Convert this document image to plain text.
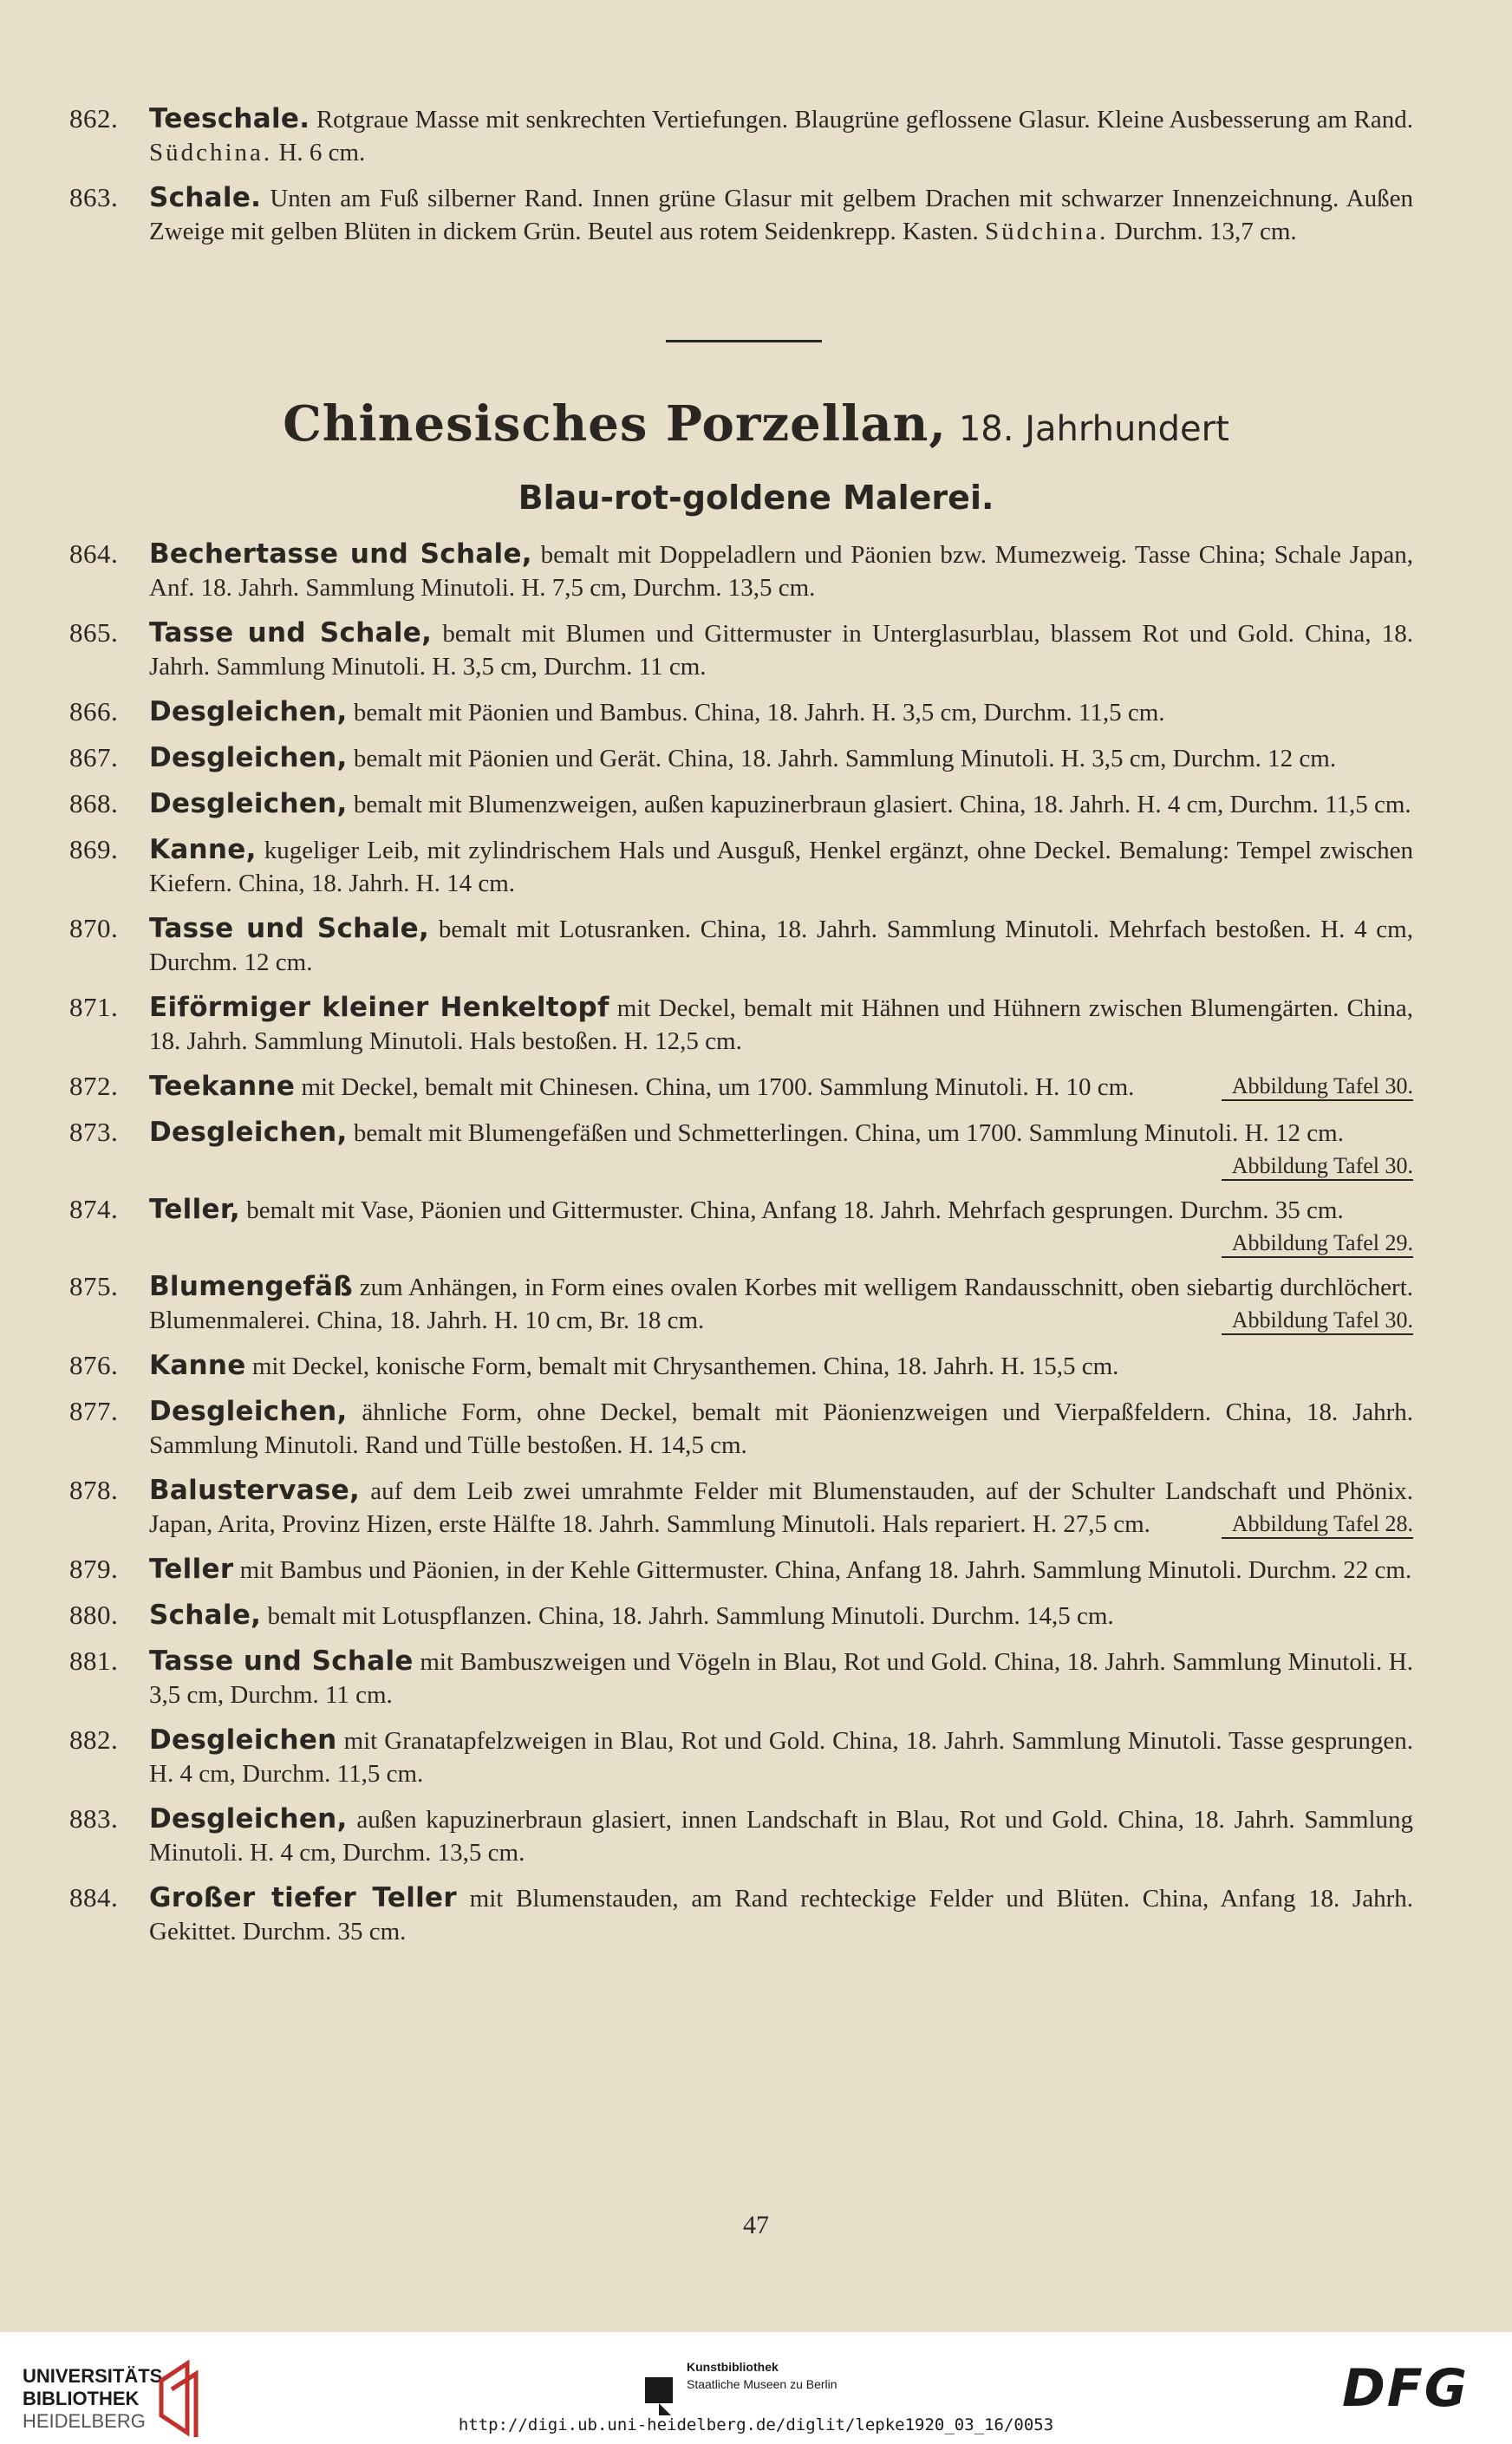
862.	Teeschale. Rotgraue Masse mit senkrechten Vertiefungen. Blaugrüne geflossene Glasur. Kleine Ausbesserung am Rand. Südchina. H. 6 cm.
863.	Schale. Unten am Fuß silberner Rand. Innen grüne Glasur mit gelbem Drachen mit schwarzer Innenzeichnung. Außen Zweige mit gelben Blüten in dickem Grün. Beutel aus rotem Seidenkrepp. Kasten. Südchina. Durchm. 13,7 cm.
Chinesisches Porzellan, 18. Jahrhundert
Blau-rot-goldene Malerei.
864.	Bechertasse und Schale, bemalt mit Doppeladlern und Päonien bzw. Mumezweig. Tasse China; Schale Japan, Anf. 18. Jahrh. Sammlung Minutoli. H. 7,5 cm, Durchm. 13,5 cm.
865.	Tasse und Schale, bemalt mit Blumen und Gittermuster in Unterglasurblau, blassem Rot und Gold. China, 18. Jahrh. Sammlung Minutoli. H. 3,5 cm, Durchm. 11 cm.
866.	Desgleichen, bemalt mit Päonien und Bambus. China, 18. Jahrh. H. 3,5 cm, Durchm. 11,5 cm.
867.	Desgleichen, bemalt mit Päonien und Gerät. China, 18. Jahrh. Sammlung Minutoli. H. 3,5 cm, Durchm. 12 cm.
868.	Desgleichen, bemalt mit Blumenzweigen, außen kapuzinerbraun glasiert. China, 18. Jahrh. H. 4 cm, Durchm. 11,5 cm.
869.	Kanne, kugeliger Leib, mit zylindrischem Hals und Ausguß, Henkel ergänzt, ohne Deckel. Bemalung: Tempel zwischen Kiefern. China, 18. Jahrh. H. 14 cm.
870.	Tasse und Schale, bemalt mit Lotusranken. China, 18. Jahrh. Sammlung Minutoli. Mehrfach bestoßen. H. 4 cm, Durchm. 12 cm.
871.	Eiförmiger kleiner Henkeltopf mit Deckel, bemalt mit Hähnen und Hühnern zwischen Blumengärten. China, 18. Jahrh. Sammlung Minutoli. Hals bestoßen. H. 12,5 cm.
872.	Teekanne mit Deckel, bemalt mit Chinesen. China, um 1700. Sammlung Minutoli. H. 10 cm.	Abbildung Tafel 30.
873.	Desgleichen, bemalt mit Blumengefäßen und Schmetterlingen. China, um 1700. Sammlung Minutoli. H. 12 cm.
Abbildung Tafel 30.
874.	Teller, bemalt mit Vase, Päonien und Gittermuster. China, Anfang 18. Jahrh. Mehrfach gesprungen. Durchm. 35 cm.
Abbildung Tafel 29.
875.	Blumengefäß zum Anhängen, in Form eines ovalen Korbes mit welligem Randausschnitt, oben siebartig durchlöchert. Blumenmalerei. China, 18. Jahrh. H. 10 cm, Br. 18 cm.	Abbildung Tafel 30.
876.	Kanne mit Deckel, konische Form, bemalt mit Chrysanthemen. China, 18. Jahrh. H. 15,5 cm.
877.	Desgleichen, ähnliche Form, ohne Deckel, bemalt mit Päonienzweigen und Vierpaßfeldern. China, 18. Jahrh. Sammlung Minutoli. Rand und Tülle bestoßen. H. 14,5 cm.
878.	Balustervase, auf dem Leib zwei umrahmte Felder mit Blumenstauden, auf der Schulter Landschaft und Phönix. Japan, Arita, Provinz Hizen, erste Hälfte 18. Jahrh. Sammlung Minutoli. Hals repariert. H. 27,5 cm.	Abbildung Tafel 28.
879.	Teller mit Bambus und Päonien, in der Kehle Gittermuster. China, Anfang 18. Jahrh. Sammlung Minutoli. Durchm. 22 cm.
880.	Schale, bemalt mit Lotuspflanzen. China, 18. Jahrh. Sammlung Minutoli. Durchm. 14,5 cm.
881.	Tasse und Schale mit Bambuszweigen und Vögeln in Blau, Rot und Gold. China, 18. Jahrh. Sammlung Minutoli. H. 3,5 cm, Durchm. 11 cm.
882.	Desgleichen mit Granatapfelzweigen in Blau, Rot und Gold. China, 18. Jahrh. Sammlung Minutoli. Tasse gesprungen. H. 4 cm, Durchm. 11,5 cm.
883.	Desgleichen, außen kapuzinerbraun glasiert, innen Landschaft in Blau, Rot und Gold. China, 18. Jahrh. Sammlung Minutoli. H. 4 cm, Durchm. 13,5 cm.
884.	Großer tiefer Teller mit Blumenstauden, am Rand rechteckige Felder und Blüten. China, Anfang 18. Jahrh. Gekittet. Durchm. 35 cm.
47
UNIVERSITÄTS-
BIBLIOTHEK
HEIDELBERG
Kunstbibliothek
Staatliche Museen zu Berlin	DFG
http://digi.ub.uni-heidelberg.de/diglit/lepke1920_03_16/0053
